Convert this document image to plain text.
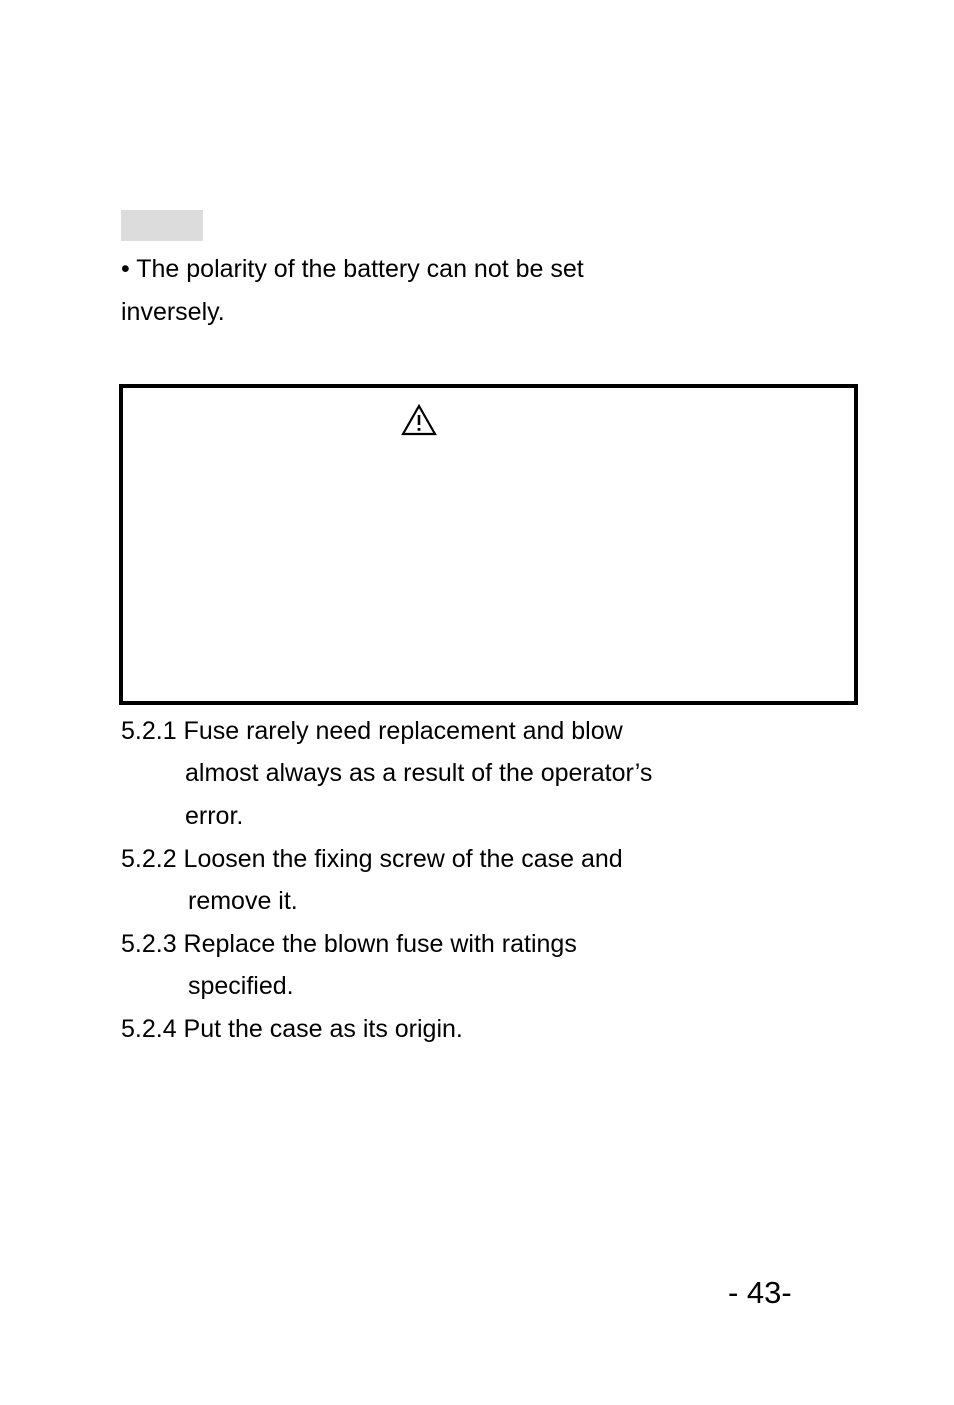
• The polarity of the battery can not be set
inversely.
5.2.1 Fuse rarely need replacement and blow
almost always as a result of the operator’s
error.
5.2.2 Loosen the fixing screw of the case and
remove it.
5.2.3 Replace the blown fuse with ratings
specified.
5.2.4 Put the case as its origin.
- 43-
